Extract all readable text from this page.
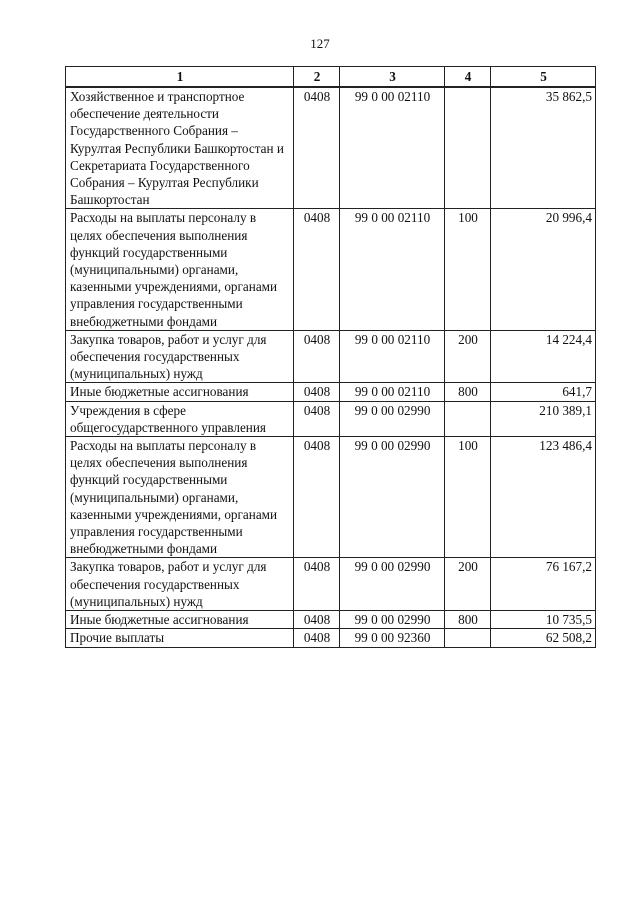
127
1	2	3	4	5
Хозяйственное и транспортное обеспечение деятельности Государственного Собрания – Курултая Республики Башкортостан и Секретариата Государственного Собрания – Курултая Республики Башкортостан	0408	99 0 00 02110		35 862,5
Расходы на выплаты персоналу в целях обеспечения выполнения функций государственными (муниципальными) органами, казенными учреждениями, органами управления государственными внебюджетными фондами	0408	99 0 00 02110	100	20 996,4
Закупка товаров, работ и услуг для обеспечения государственных (муниципальных) нужд	0408	99 0 00 02110	200	14 224,4
Иные бюджетные ассигнования	0408	99 0 00 02110	800	641,7
Учреждения в сфере общегосударственного управления	0408	99 0 00 02990		210 389,1
Расходы на выплаты персоналу в целях обеспечения выполнения функций государственными (муниципальными) органами, казенными учреждениями, органами управления государственными внебюджетными фондами	0408	99 0 00 02990	100	123 486,4
Закупка товаров, работ и услуг для обеспечения государственных (муниципальных) нужд	0408	99 0 00 02990	200	76 167,2
Иные бюджетные ассигнования	0408	99 0 00 02990	800	10 735,5
Прочие выплаты	0408	99 0 00 92360		62 508,2
